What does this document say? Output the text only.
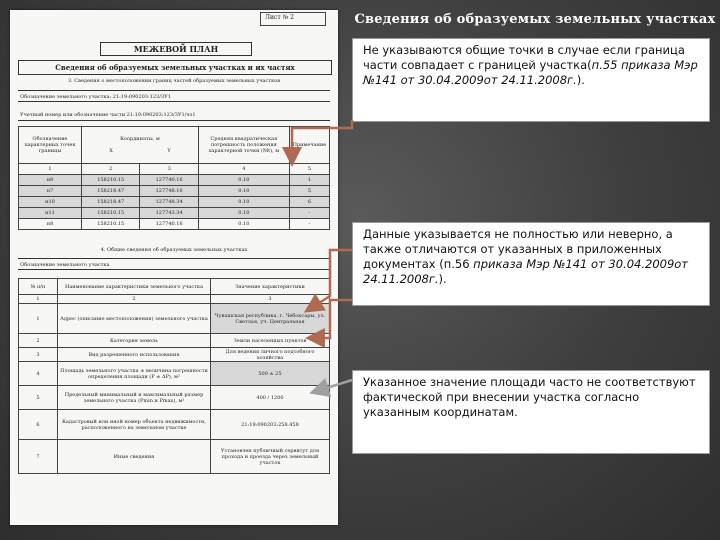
Сведения об образуемых земельных участках
Лист № 2
МЕЖЕВОЙ ПЛАН
Сведения об образуемых земельных участках и их частях
3. Сведения о местоположении границ частей образуемых земельных участков
Обозначение земельного участка: 21:19:090203:123/3У1
Учетный номер или обозначение части 21:19:090203:123/3У1/чз1
Обозначение характерных точек границы	Координаты, м
X Y		Средняя квадратическая погрешность положения характерной точки (Mt), м	Примечание
1	2	3	4	5
н8	158210.15	127740.16	0.10	1
н7	158218.47	127748.16	0.10	5
н10	158218.47	127748.34	0.10	6
н11	158210.15	127743.34	0.10	-
н8	158210.15	127740.16	0.10	-
4. Общие сведения об образуемых земельных участках
Обозначение земельного участка
№ п/п	Наименование характеристики земельного участка	Значение характеристики
1	2	3
1	Адрес (описание местоположения) земельного участка	Чувашская республика, г. Чебоксары, ул. Светлая, уч. Центральная
2	Категория земель	Земли населенных пунктов
3	Вид разрешенного использования	Для ведения личного подсобного хозяйства
4	Площадь земельного участка ± величина погрешности определения площади (P ± ΔP), м²	500 ± 25
5	Предельный минимальный и максимальный размер земельного участка (Pmin и Pmax), м²	400 / 1200
6	Кадастровый или иной номер объекта недвижимости, расположенного на земельном участке	21:19:090203:258.458
7	Иные сведения	Установлен публичный сервитут для прохода и проезда через земельный участок
Не указываются общие точки в случае если граница части совпадает с границей участка(п.55 приказа Мэр №141 от 30.04.2009от 24.11.2008г.).
Данные указывается не полностью или неверно, а также отличаются от указанных в приложенных документах (п.56 приказа Мэр №141 от 30.04.2009от 24.11.2008г.).
Указанное значение площади часто не соответствуют фактической при внесении участка согласно указанным координатам.
